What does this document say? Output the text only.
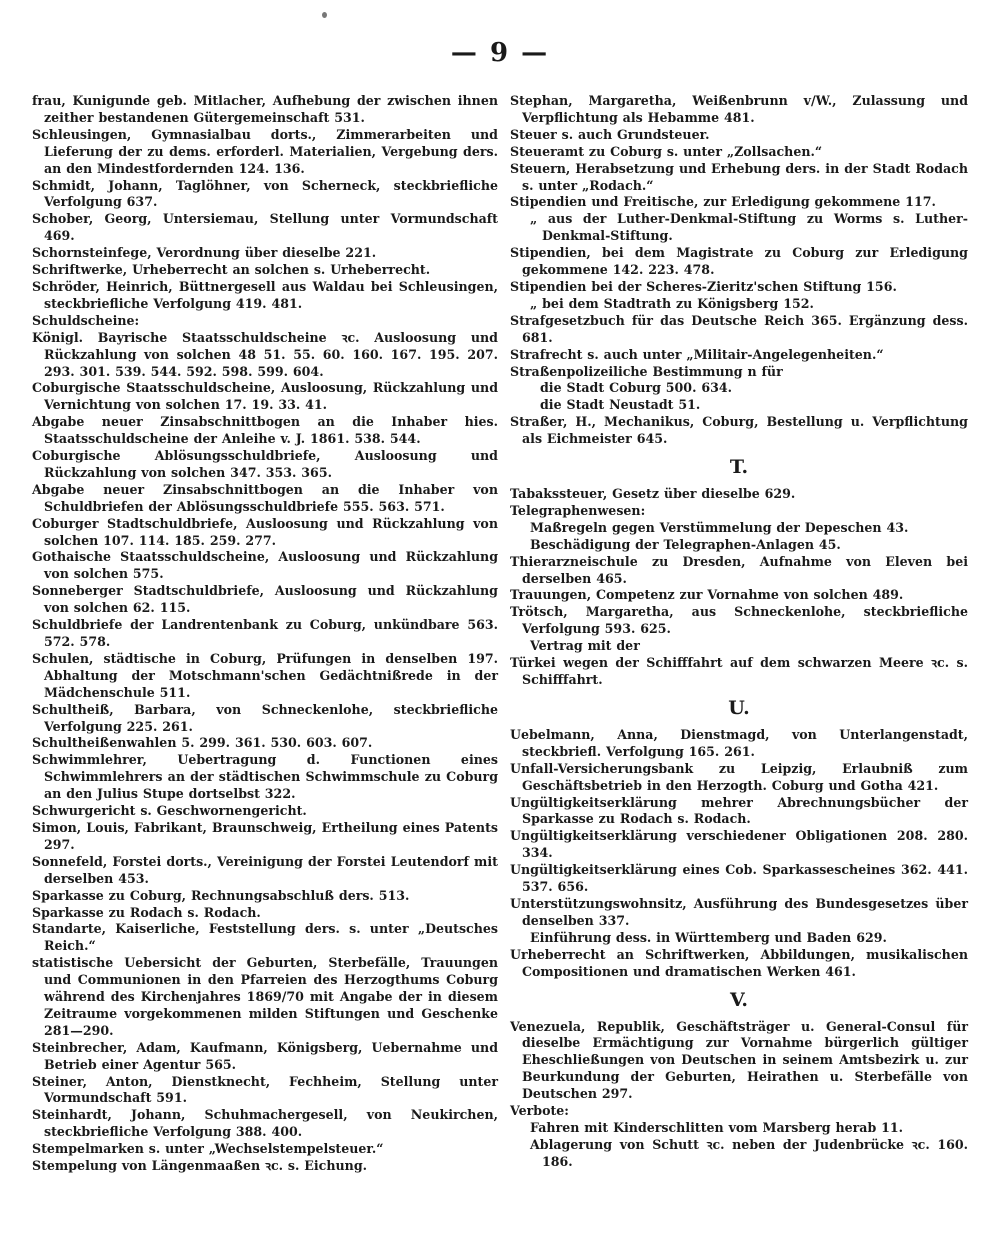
— 9 —

frau, Kunigunde geb. Mitlacher, Aufhebung der zwischen ihnen zeither bestandenen Gütergemeinschaft 531.

Schleusingen, Gymnasialbau dorts., Zimmerarbeiten und Lieferung der zu dems. erforderl. Materialien, Vergebung ders. an den Mindestfordernden 124. 136.

Schmidt, Johann, Taglöhner, von Scherneck, steckbriefliche Verfolgung 637.

Schober, Georg, Untersiemau, Stellung unter Vormundschaft 469.

Schornsteinfege, Verordnung über dieselbe 221.

Schriftwerke, Urheberrecht an solchen s. Urheberrecht.

Schröder, Heinrich, Büttnergesell aus Waldau bei Schleusingen, steckbriefliche Verfolgung 419. 481.

Schuldscheine:

Königl. Bayrische Staatsschuldscheine ꝛc. Ausloosung und Rückzahlung von solchen 48 51. 55. 60. 160. 167. 195. 207. 293. 301. 539. 544. 592. 598. 599. 604.

Coburgische Staatsschuldscheine, Ausloosung, Rückzahlung und Vernichtung von solchen 17. 19. 33. 41.

Abgabe neuer Zinsabschnittbogen an die Inhaber hies. Staatsschuldscheine der Anleihe v. J. 1861. 538. 544.

Coburgische Ablösungsschuldbriefe, Ausloosung und Rückzahlung von solchen 347. 353. 365.

Abgabe neuer Zinsabschnittbogen an die Inhaber von Schuldbriefen der Ablösungsschuldbriefe 555. 563. 571.

Coburger Stadtschuldbriefe, Ausloosung und Rückzahlung von solchen 107. 114. 185. 259. 277.

Gothaische Staatsschuldscheine, Ausloosung und Rückzahlung von solchen 575.

Sonneberger Stadtschuldbriefe, Ausloosung und Rückzahlung von solchen 62. 115.

Schuldbriefe der Landrentenbank zu Coburg, unkündbare 563. 572. 578.

Schulen, städtische in Coburg, Prüfungen in denselben 197. Abhaltung der Motschmann'schen Gedächtnißrede in der Mädchenschule 511.

Schultheiß, Barbara, von Schneckenlohe, steckbriefliche Verfolgung 225. 261.

Schultheißenwahlen 5. 299. 361. 530. 603. 607.

Schwimmlehrer, Uebertragung d. Functionen eines Schwimmlehrers an der städtischen Schwimmschule zu Coburg an den Julius Stupe dortselbst 322.

Schwurgericht s. Geschwornengericht.

Simon, Louis, Fabrikant, Braunschweig, Ertheilung eines Patents 297.

Sonnefeld, Forstei dorts., Vereinigung der Forstei Leutendorf mit derselben 453.

Sparkasse zu Coburg, Rechnungsabschluß ders. 513.

Sparkasse zu Rodach s. Rodach.

Standarte, Kaiserliche, Feststellung ders. s. unter „Deutsches Reich.“

statistische Uebersicht der Geburten, Sterbefälle, Trauungen und Communionen in den Pfarreien des Herzogthums Coburg während des Kirchenjahres 1869/70 mit Angabe der in diesem Zeitraume vorgekommenen milden Stiftungen und Geschenke 281—290.

Steinbrecher, Adam, Kaufmann, Königsberg, Uebernahme und Betrieb einer Agentur 565.

Steiner, Anton, Dienstknecht, Fechheim, Stellung unter Vormundschaft 591.

Steinhardt, Johann, Schuhmachergesell, von Neukirchen, steckbriefliche Verfolgung 388. 400.

Stempelmarken s. unter „Wechselstempelsteuer.“

Stempelung von Längenmaaßen ꝛc. s. Eichung.

Stephan, Margaretha, Weißenbrunn v/W., Zulassung und Verpflichtung als Hebamme 481.

Steuer s. auch Grundsteuer.

Steueramt zu Coburg s. unter „Zollsachen.“

Steuern, Herabsetzung und Erhebung ders. in der Stadt Rodach s. unter „Rodach.“

Stipendien und Freitische, zur Erledigung gekommene 117.

„ aus der Luther-Denkmal-Stiftung zu Worms s. Luther-Denkmal-Stiftung.

Stipendien, bei dem Magistrate zu Coburg zur Erledigung gekommene 142. 223. 478.

Stipendien bei der Scheres-Zieritz'schen Stiftung 156.

„ bei dem Stadtrath zu Königsberg 152.

Strafgesetzbuch für das Deutsche Reich 365. Ergänzung dess. 681.

Strafrecht s. auch unter „Militair-Angelegenheiten.“

Straßenpolizeiliche Bestimmung n für

die Stadt Coburg 500. 634.

die Stadt Neustadt 51.

Straßer, H., Mechanikus, Coburg, Bestellung u. Verpflichtung als Eichmeister 645.

T.

Tabakssteuer, Gesetz über dieselbe 629.

Telegraphenwesen:

Maßregeln gegen Verstümmelung der Depeschen 43.

Beschädigung der Telegraphen-Anlagen 45.

Thierarzneischule zu Dresden, Aufnahme von Eleven bei derselben 465.

Trauungen, Competenz zur Vornahme von solchen 489.

Trötsch, Margaretha, aus Schneckenlohe, steckbriefliche Verfolgung 593. 625.

Vertrag mit der

Türkei wegen der Schifffahrt auf dem schwarzen Meere ꝛc. s. Schifffahrt.

U.

Uebelmann, Anna, Dienstmagd, von Unterlangenstadt, steckbriefl. Verfolgung 165. 261.

Unfall-Versicherungsbank zu Leipzig, Erlaubniß zum Geschäftsbetrieb in den Herzogth. Coburg und Gotha 421.

Ungültigkeitserklärung mehrer Abrechnungsbücher der Sparkasse zu Rodach s. Rodach.

Ungültigkeitserklärung verschiedener Obligationen 208. 280. 334.

Ungültigkeitserklärung eines Cob. Sparkassescheines 362. 441. 537. 656.

Unterstützungswohnsitz, Ausführung des Bundesgesetzes über denselben 337.

Einführung dess. in Württemberg und Baden 629.

Urheberrecht an Schriftwerken, Abbildungen, musikalischen Compositionen und dramatischen Werken 461.

V.

Venezuela, Republik, Geschäftsträger u. General-Consul für dieselbe Ermächtigung zur Vornahme bürgerlich gültiger Eheschließungen von Deutschen in seinem Amtsbezirk u. zur Beurkundung der Geburten, Heirathen u. Sterbefälle von Deutschen 297.

Verbote:

Fahren mit Kinderschlitten vom Marsberg herab 11.

Ablagerung von Schutt ꝛc. neben der Judenbrücke ꝛc. 160. 186.
